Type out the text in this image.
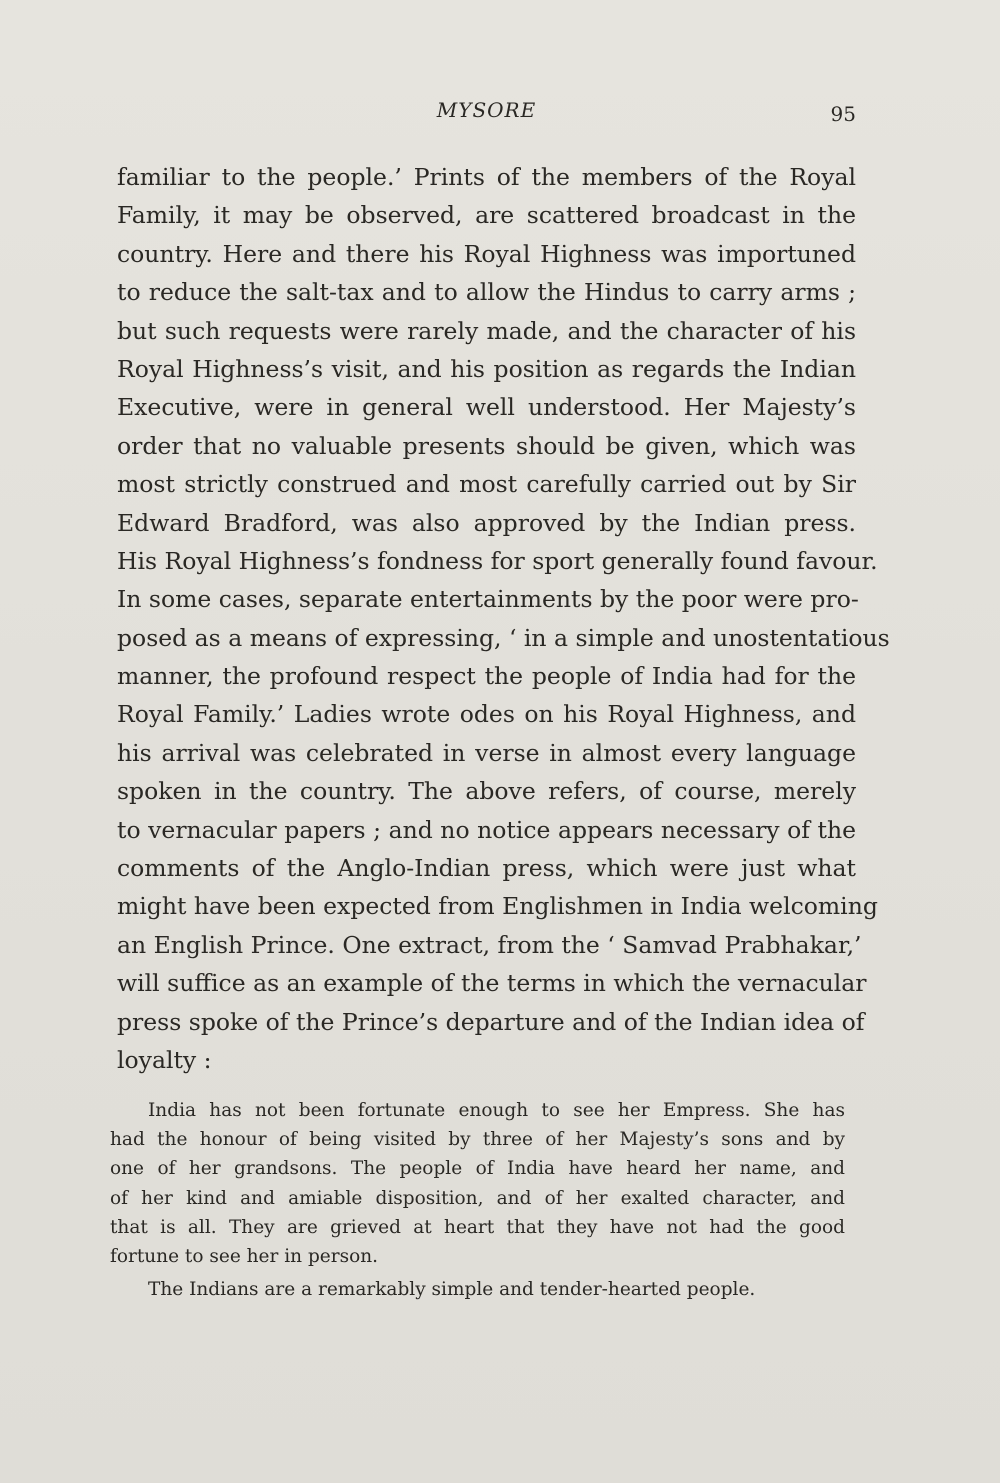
MYSORE	95
familiar to the people.’ Prints of the members of the Royal
Family, it may be observed, are scattered broadcast in the
country. Here and there his Royal Highness was importuned
to reduce the salt-tax and to allow the Hindus to carry arms ;
but such requests were rarely made, and the character of his
Royal Highness’s visit, and his position as regards the Indian
Executive, were in general well understood. Her Majesty’s
order that no valuable presents should be given, which was
most strictly construed and most carefully carried out by Sir
Edward Bradford, was also approved by the Indian press.
His Royal Highness’s fondness for sport generally found favour.
In some cases, separate entertainments by the poor were pro-
posed as a means of expressing, ‘ in a simple and unostentatious
manner, the profound respect the people of India had for the
Royal Family.’ Ladies wrote odes on his Royal Highness, and
his arrival was celebrated in verse in almost every language
spoken in the country. The above refers, of course, merely
to vernacular papers ; and no notice appears necessary of the
comments of the Anglo-Indian press, which were just what
might have been expected from Englishmen in India welcoming
an English Prince. One extract, from the ‘ Samvad Prabhakar,’
will suffice as an example of the terms in which the vernacular
press spoke of the Prince’s departure and of the Indian idea of
loyalty :
India has not been fortunate enough to see her Empress. She has
had the honour of being visited by three of her Majesty’s sons and by
one of her grandsons. The people of India have heard her name, and
of her kind and amiable disposition, and of her exalted character, and
that is all. They are grieved at heart that they have not had the good
fortune to see her in person.
The Indians are a remarkably simple and tender-hearted people.
